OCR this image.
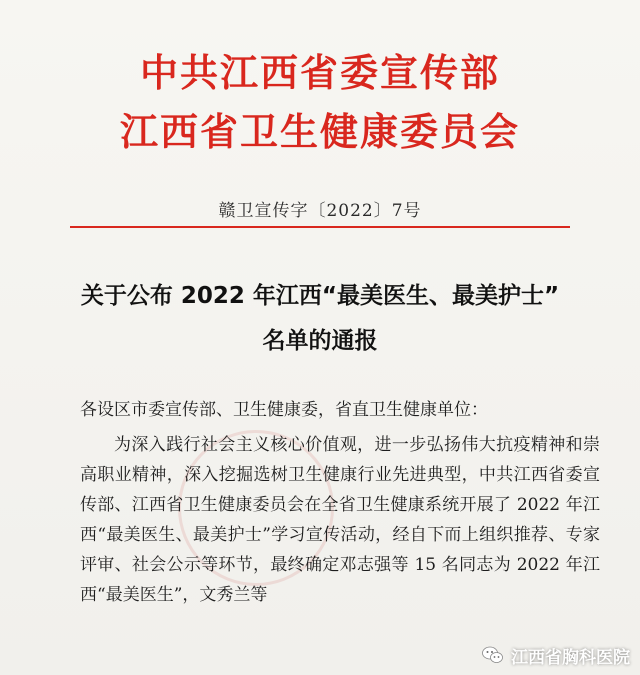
中共江西省委宣传部
江西省卫生健康委员会
赣卫宣传字〔2022〕7号
关于公布 2022 年江西“最美医生、最美护士”
名单的通报
各设区市委宣传部、卫生健康委，省直卫生健康单位：
为深入践行社会主义核心价值观，进一步弘扬伟大抗疫精神和崇高职业精神，深入挖掘选树卫生健康行业先进典型，中共江西省委宣传部、江西省卫生健康委员会在全省卫生健康系统开展了 2022 年江西“最美医生、最美护士”学习宣传活动，经自下而上组织推荐、专家评审、社会公示等环节，最终确定邓志强等 15 名同志为 2022 年江西“最美医生”，文秀兰等
江西省胸科医院
